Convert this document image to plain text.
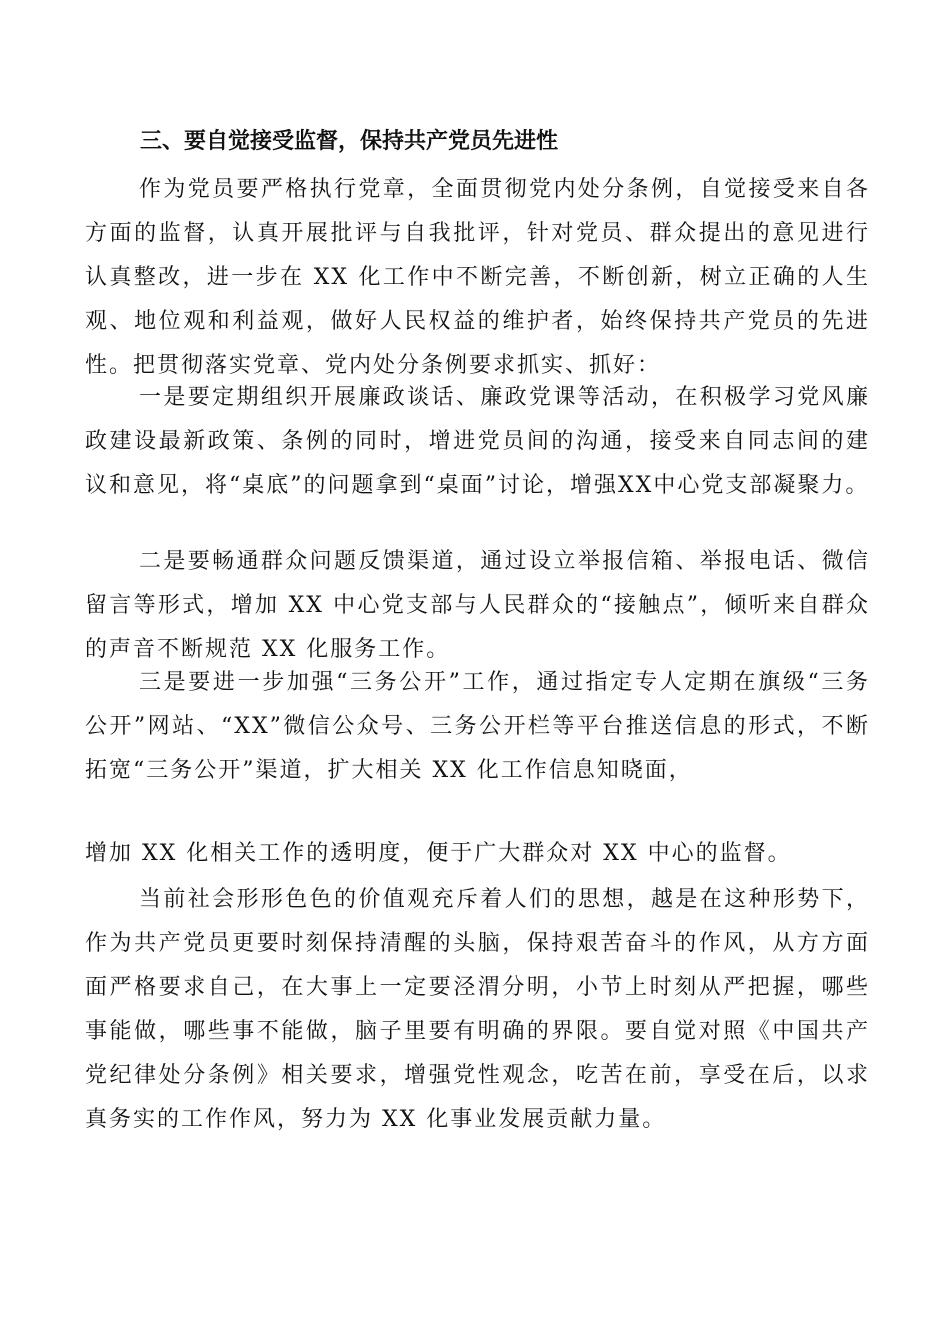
三、要自觉接受监督，保持共产党员先进性

作为党员要严格执行党章，全面贯彻党内处分条例，自觉接受来自各方面的监督，认真开展批评与自我批评，针对党员、群众提出的意见进行认真整改，进一步在 XX 化工作中不断完善，不断创新，树立正确的人生观、地位观和利益观，做好人民权益的维护者，始终保持共产党员的先进性。把贯彻落实党章、党内处分条例要求抓实、抓好：

一是要定期组织开展廉政谈话、廉政党课等活动，在积极学习党风廉政建设最新政策、条例的同时，增进党员间的沟通，接受来自同志间的建议和意见，将“桌底”的问题拿到“桌面”讨论，增强XX中心党支部凝聚力。

二是要畅通群众问题反馈渠道，通过设立举报信箱、举报电话、微信留言等形式，增加 XX 中心党支部与人民群众的“接触点”，倾听来自群众的声音不断规范 XX 化服务工作。

三是要进一步加强“三务公开”工作，通过指定专人定期在旗级“三务公开”网站、“XX”微信公众号、三务公开栏等平台推送信息的形式，不断拓宽“三务公开”渠道，扩大相关 XX 化工作信息知晓面，

增加 XX 化相关工作的透明度，便于广大群众对 XX 中心的监督。

当前社会形形色色的价值观充斥着人们的思想，越是在这种形势下，作为共产党员更要时刻保持清醒的头脑，保持艰苦奋斗的作风，从方方面面严格要求自己，在大事上一定要泾渭分明，小节上时刻从严把握，哪些事能做，哪些事不能做，脑子里要有明确的界限。要自觉对照《中国共产党纪律处分条例》相关要求，增强党性观念，吃苦在前，享受在后，以求真务实的工作作风，努力为 XX 化事业发展贡献力量。
